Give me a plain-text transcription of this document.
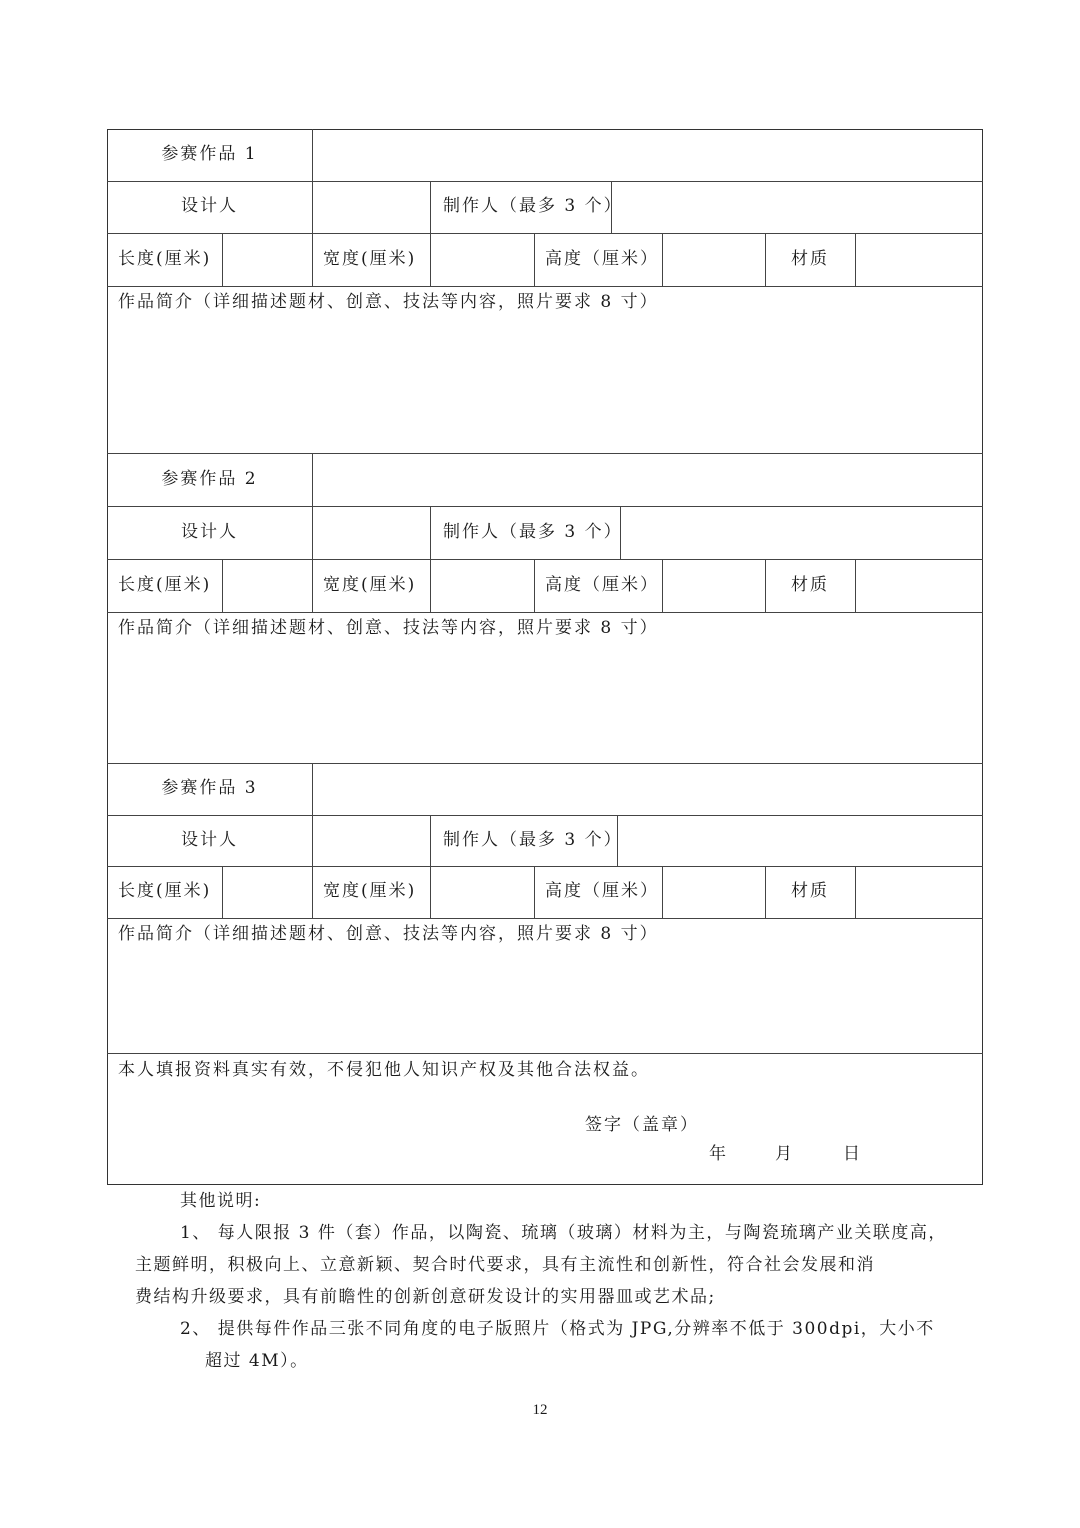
参赛作品 1
设计人	制作人（最多 3 个）
长度(厘米)	宽度(厘米)	高度（厘米）	材质
作品简介（详细描述题材、创意、技法等内容，照片要求 8 寸）
参赛作品 2
设计人	制作人（最多 3 个）
长度(厘米)	宽度(厘米)	高度（厘米）	材质
作品简介（详细描述题材、创意、技法等内容，照片要求 8 寸）
参赛作品 3
设计人	制作人（最多 3 个）
长度(厘米)	宽度(厘米)	高度（厘米）	材质
作品简介（详细描述题材、创意、技法等内容，照片要求 8 寸）
本人填报资料真实有效，不侵犯他人知识产权及其他合法权益。
签字（盖章）
年	月	日
其他说明:
1、 每人限报 3 件（套）作品，以陶瓷、琉璃（玻璃）材料为主，与陶瓷琉璃产业关联度高，
主题鲜明，积极向上、立意新颖、契合时代要求，具有主流性和创新性，符合社会发展和消
费结构升级要求，具有前瞻性的创新创意研发设计的实用器皿或艺术品;
2、 提供每件作品三张不同角度的电子版照片（格式为 JPG,分辨率不低于 300dpi，大小不
超过 4M）。
12
